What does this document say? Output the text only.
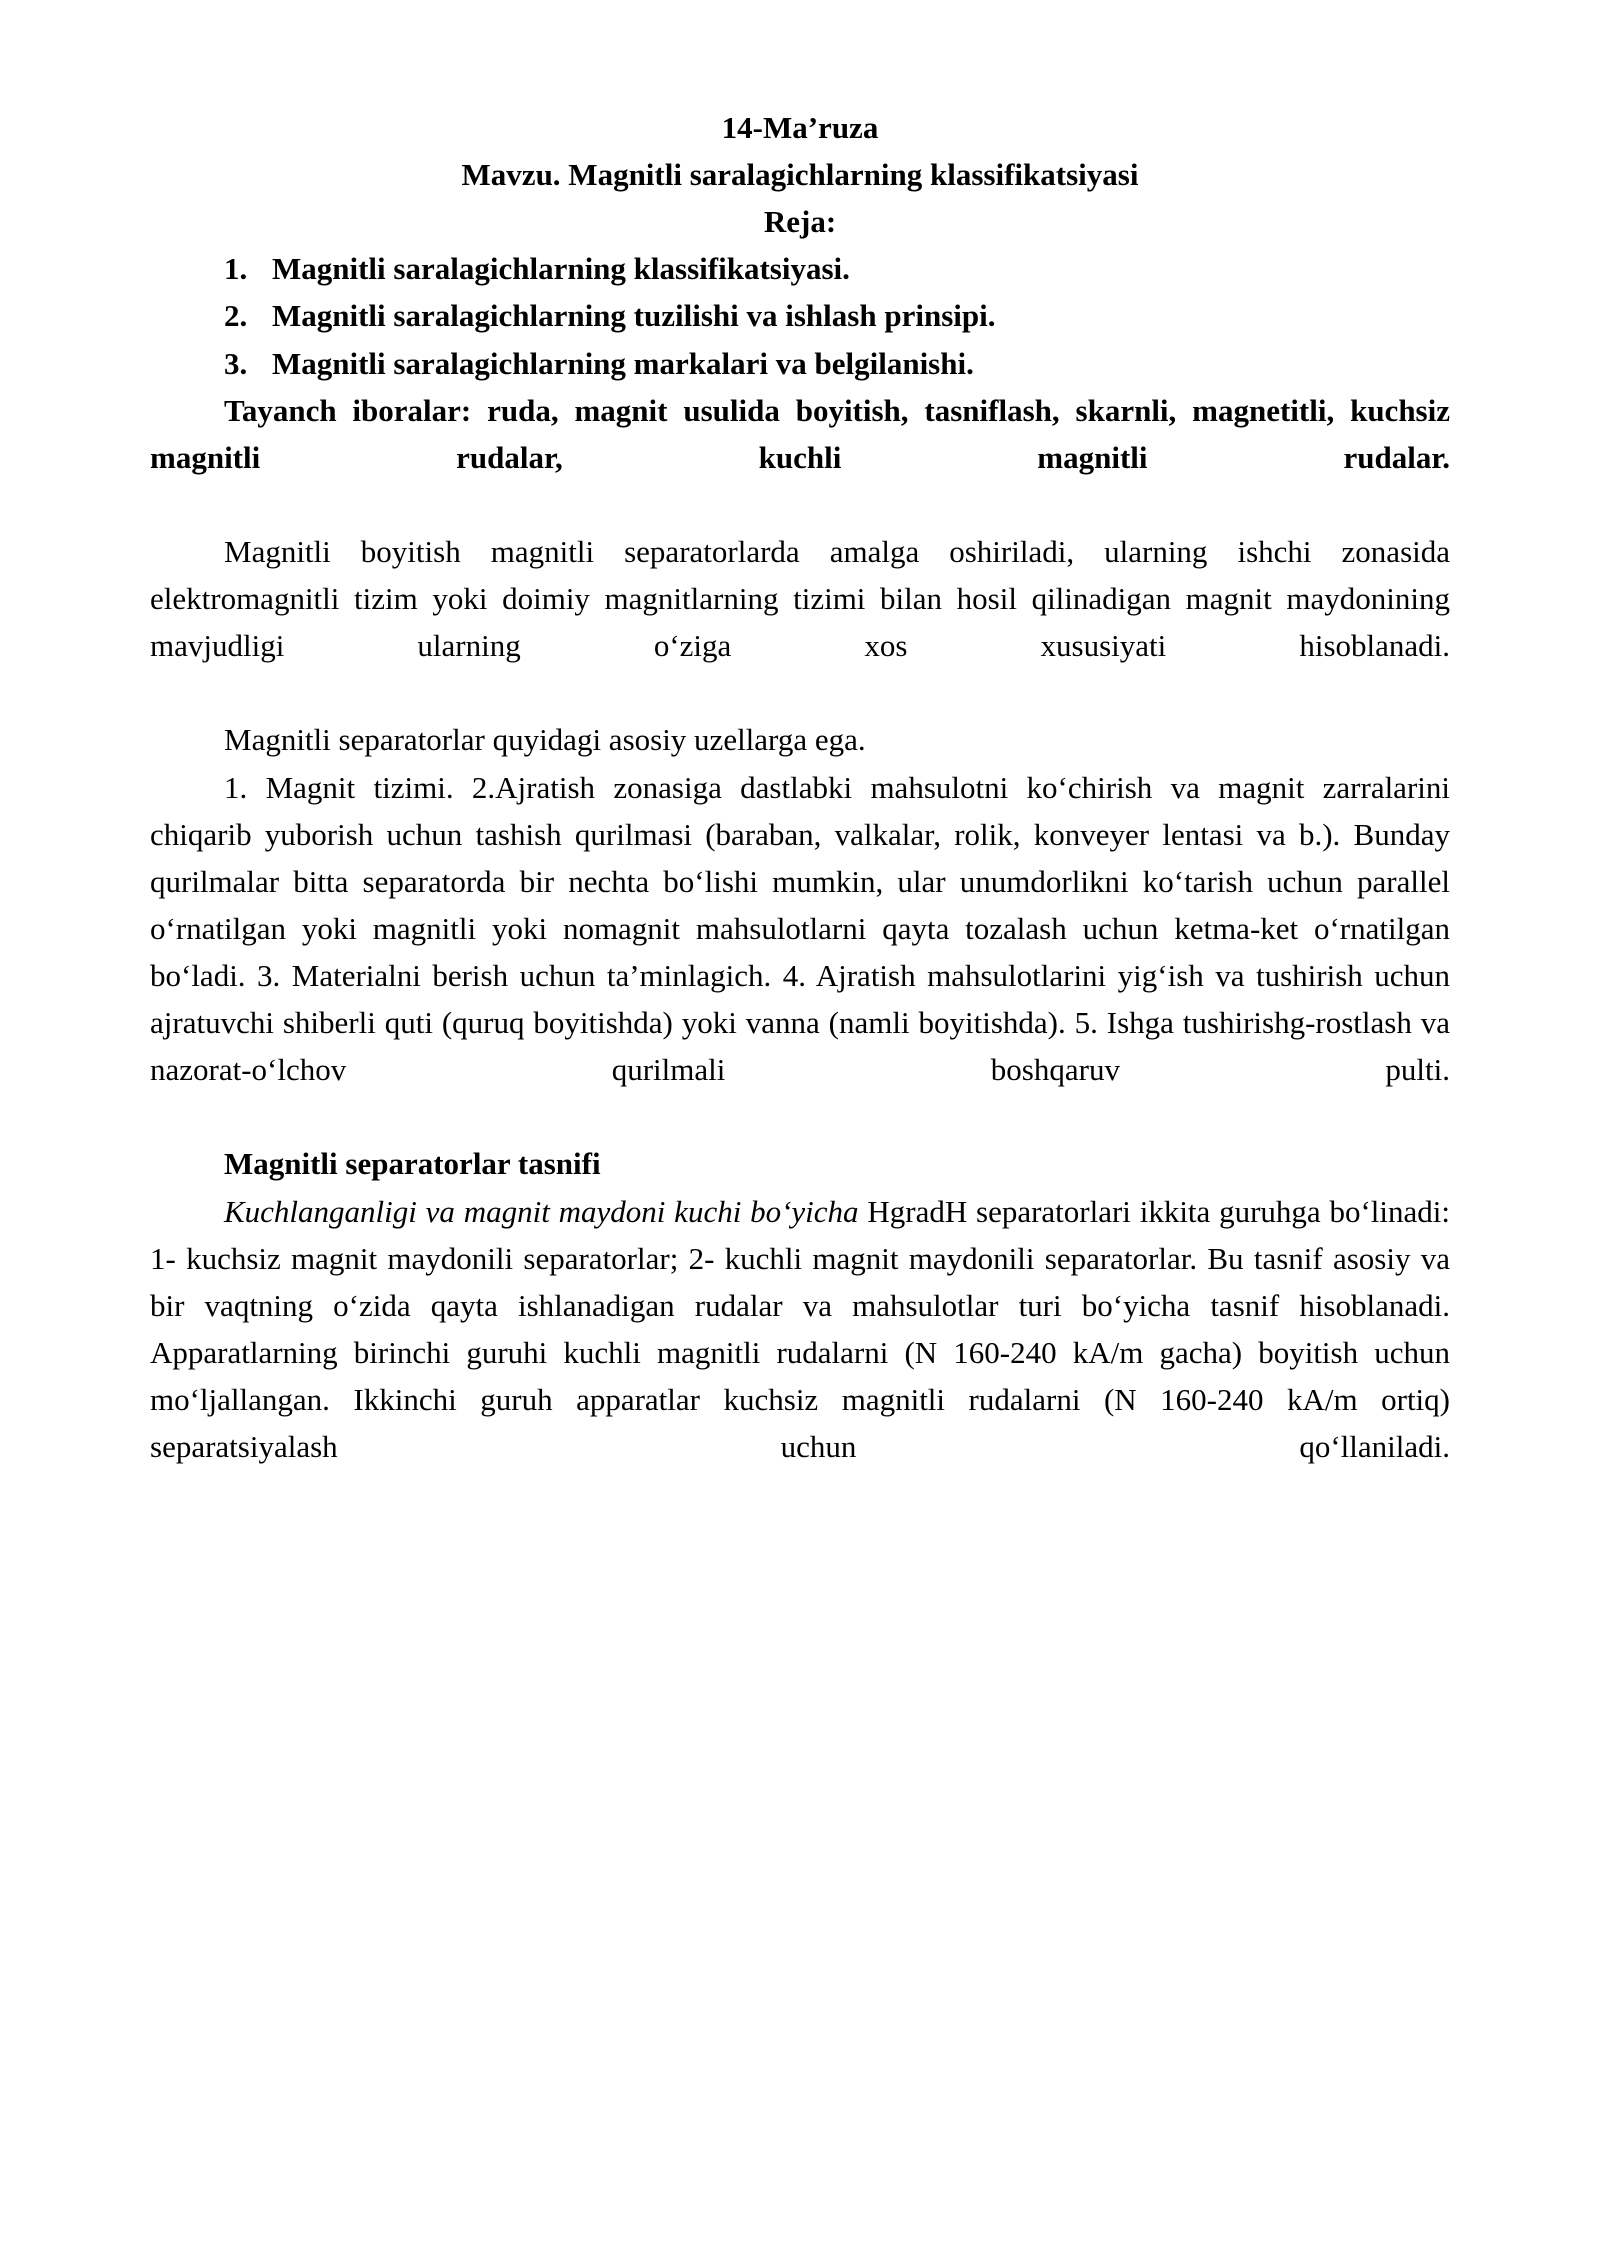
14-Ma’ruza

Mavzu. Magnitli saralagichlarning klassifikatsiyasi

Reja:

1. Magnitli saralagichlarning klassifikatsiyasi.
2. Magnitli saralagichlarning tuzilishi va ishlash prinsipi.
3. Magnitli saralagichlarning markalari va belgilanishi.

Tayanch iboralar: ruda, magnit usulida boyitish, tasniflash, skarnli, magnetitli, kuchsiz magnitli rudalar, kuchli magnitli rudalar.

Magnitli boyitish magnitli separatorlarda amalga oshiriladi, ularning ishchi zonasida elektromagnitli tizim yoki doimiy magnitlarning tizimi bilan hosil qilinadigan magnit maydonining mavjudligi ularning o‘ziga xos xususiyati hisoblanadi.

Magnitli separatorlar quyidagi asosiy uzellarga ega.

1. Magnit tizimi. 2.Ajratish zonasiga dastlabki mahsulotni ko‘chirish va magnit zarralarini chiqarib yuborish uchun tashish qurilmasi (baraban, valkalar, rolik, konveyer lentasi va b.). Bunday qurilmalar bitta separatorda bir nechta bo‘lishi mumkin, ular unumdorlikni ko‘tarish uchun parallel o‘rnatilgan yoki magnitli yoki nomagnit mahsulotlarni qayta tozalash uchun ketma-ket o‘rnatilgan bo‘ladi. 3. Materialni berish uchun ta’minlagich. 4. Ajratish mahsulotlarini yig‘ish va tushirish uchun ajratuvchi shiberli quti (quruq boyitishda) yoki vanna (namli boyitishda). 5. Ishga tushirishg-rostlash va nazorat-o‘lchov qurilmali boshqaruv pulti.

Magnitli separatorlar tasnifi

Kuchlanganligi va magnit maydoni kuchi bo‘yicha HgradH separatorlari ikkita guruhga bo‘linadi: 1- kuchsiz magnit maydonili separatorlar; 2- kuchli magnit maydonili separatorlar. Bu tasnif asosiy va bir vaqtning o‘zida qayta ishlanadigan rudalar va mahsulotlar turi bo‘yicha tasnif hisoblanadi. Apparatlarning birinchi guruhi kuchli magnitli rudalarni (N 160-240 kA/m gacha) boyitish uchun mo‘ljallangan. Ikkinchi guruh apparatlar kuchsiz magnitli rudalarni (N 160-240 kA/m ortiq) separatsiyalash uchun qo‘llaniladi.
